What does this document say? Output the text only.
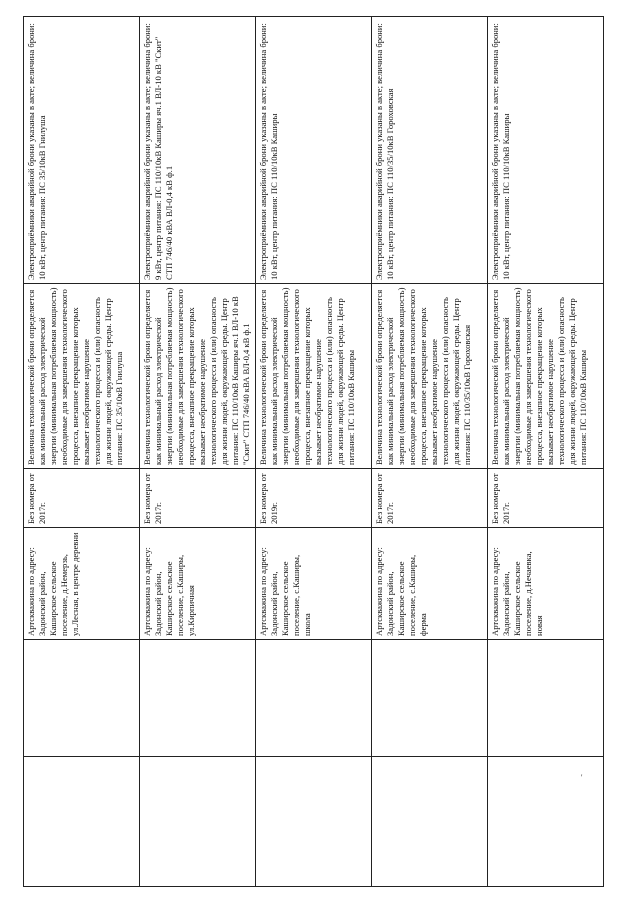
		Артскважина по адресу: Задонский район, Каширское сельское поселение, д.Немерзь, ул.Лесная, в центре деревни	Без номера от 2017г.	Величина технологической брони определяется как минимальный расход электрической энергии (минимальная потребляемая мощность) необходимые для завершения технологического процесса, внезапное прекращение которых вызывает необратимое нарушение технологического процесса и (или) опасность для жизни людей, окружающей среды. Центр питания: ПС 35/10кВ Гнилуша	Электроприёмники аварийной брони указаны в акте; величина брони: 10 кВт, центр питания: ПС 35/10кВ Гнилуша
		Артскважина по адресу: Задонский район, Каширское сельское поселение, с.Каширы, ул.Кирпичная	Без номера от 2017г.	Величина технологической брони определяется как минимальный расход электрической энергии (минимальная потребляемая мощность) необходимые для завершения технологического процесса, внезапное прекращение которых вызывает необратимое нарушение технологического процесса и (или) опасность для жизни людей, окружающей среды. Центр питания: ПС 110/10кВ Каширы яч.1 ВЛ-10 кВ "Скит" СТП 746/40 кВА ВЛ-0,4 кВ ф.1	Электроприёмники аварийной брони указаны в акте; величина брони: 9 кВт, центр питания: ПС 110/10кВ Каширы яч.1 ВЛ-10 кВ "Скит" СТП 746/40 кВА ВЛ-0,4 кВ ф.1
		Артскважина по адресу: Задонский район, Каширское сельское поселение, с.Каширы, школа	Без номера от 2019г.	Величина технологической брони определяется как минимальный расход электрической энергии (минимальная потребляемая мощность) необходимые для завершения технологического процесса, внезапное прекращение которых вызывает необратимое нарушение технологического процесса и (или) опасность для жизни людей, окружающей среды. Центр питания: ПС 110/10кВ Каширы	Электроприёмники аварийной брони указаны в акте; величина брони: 10 кВт, центр питания: ПС 110/10кВ Каширы
		Артскважина по адресу: Задонский район, Каширское сельское поселение, с.Каширы, ферма	Без номера от 2017г.	Величина технологической брони определяется как минимальный расход электрической энергии (минимальная потребляемая мощность) необходимые для завершения технологического процесса, внезапное прекращение которых вызывает необратимое нарушение технологического процесса и (или) опасность для жизни людей, окружающей среды. Центр питания: ПС 110/35/10кВ Гороховская	Электроприёмники аварийной брони указаны в акте; величина брони: 10 кВт, центр питания: ПС 110/35/10кВ Гороховская
		Артскважина по адресу: Задонский район, Каширское сельское поселение, д.Нечаевка, новая	Без номера от 2017г.	Величина технологической брони определяется как минимальный расход электрической энергии (минимальная потребляемая мощность) необходимые для завершения технологического процесса, внезапное прекращение которых вызывает необратимое нарушение технологического процесса и (или) опасность для жизни людей, окружающей среды. Центр питания: ПС 110/10кВ Каширы	Электроприёмники аварийной брони указаны в акте; величина брони: 10 кВт, центр питания: ПС 110/10кВ Каширы
'
